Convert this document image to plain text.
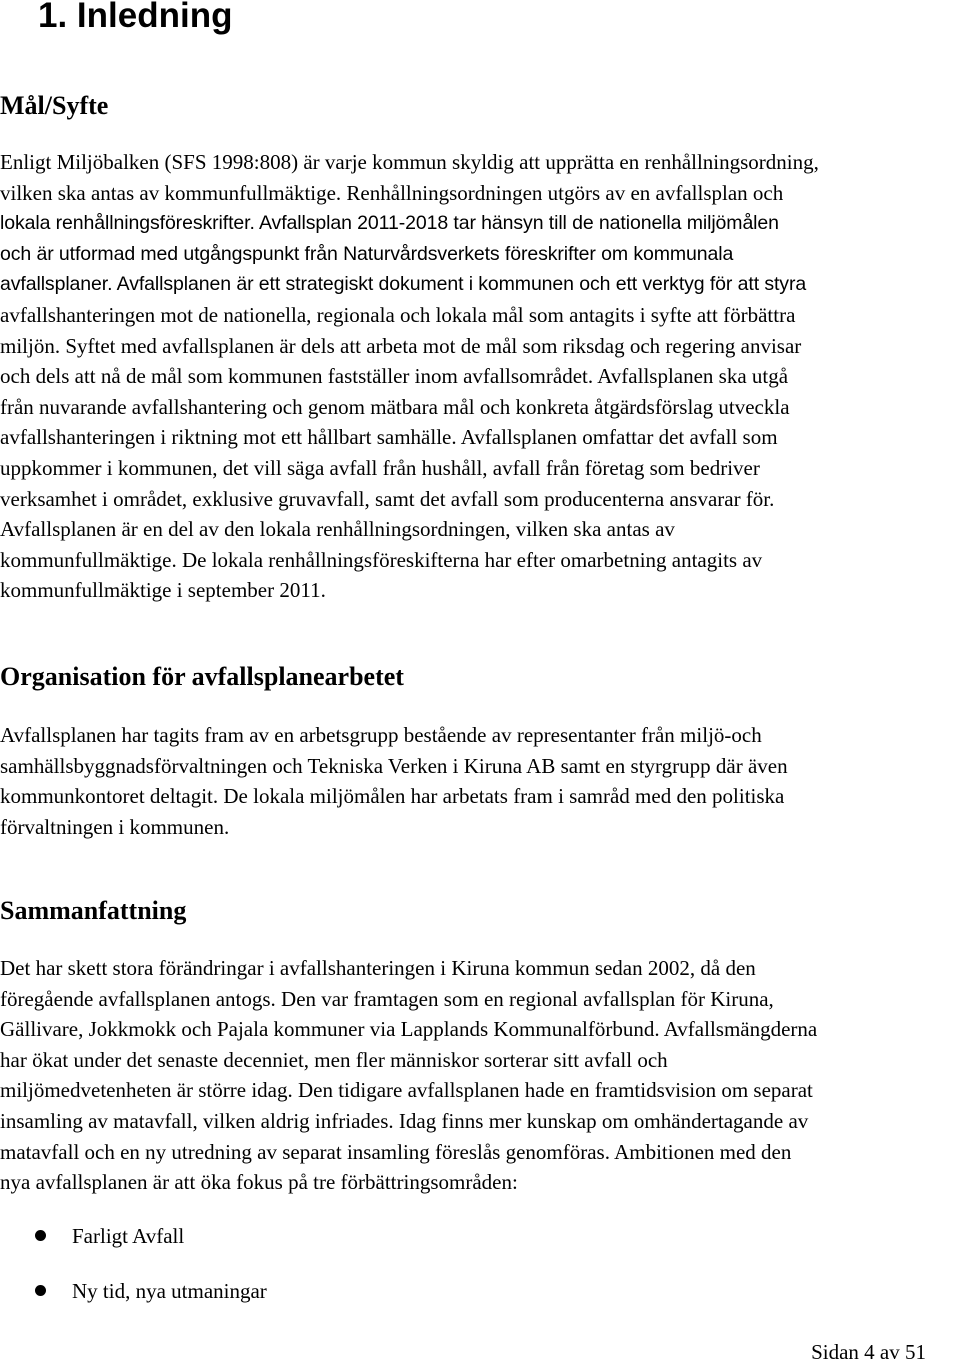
1. Inledning
Mål/Syfte
Enligt Miljöbalken (SFS 1998:808) är varje kommun skyldig att upprätta en renhållningsordning,
vilken ska antas av kommunfullmäktige. Renhållningsordningen utgörs av en avfallsplan och
lokala renhållningsföreskrifter. Avfallsplan 2011-2018 tar hänsyn till de nationella miljömålen
och är utformad med utgångspunkt från Naturvårdsverkets föreskrifter om kommunala
avfallsplaner. Avfallsplanen är ett strategiskt dokument i kommunen och ett verktyg för att styra
avfallshanteringen mot de nationella, regionala och lokala mål som antagits i syfte att förbättra
miljön. Syftet med avfallsplanen är dels att arbeta mot de mål som riksdag och regering anvisar
och dels att nå de mål som kommunen fastställer inom avfallsområdet. Avfallsplanen ska utgå
från nuvarande avfallshantering och genom mätbara mål och konkreta åtgärdsförslag utveckla
avfallshanteringen i riktning mot ett hållbart samhälle. Avfallsplanen omfattar det avfall som
uppkommer i kommunen, det vill säga avfall från hushåll, avfall från företag som bedriver
verksamhet i området, exklusive gruvavfall, samt det avfall som producenterna ansvarar för.
Avfallsplanen är en del av den lokala renhållningsordningen, vilken ska antas av
kommunfullmäktige. De lokala renhållningsföreskifterna har efter omarbetning antagits av
kommunfullmäktige i september 2011.
Organisation för avfallsplanearbetet
Avfallsplanen har tagits fram av en arbetsgrupp bestående av representanter från miljö-och
samhällsbyggnadsförvaltningen och Tekniska Verken i Kiruna AB samt en styrgrupp där även
kommunkontoret deltagit. De lokala miljömålen har arbetats fram i samråd med den politiska
förvaltningen i kommunen.
Sammanfattning
Det har skett stora förändringar i avfallshanteringen i Kiruna kommun sedan 2002, då den
föregående avfallsplanen antogs. Den var framtagen som en regional avfallsplan för Kiruna,
Gällivare, Jokkmokk och Pajala kommuner via Lapplands Kommunalförbund. Avfallsmängderna
har ökat under det senaste decenniet, men fler människor sorterar sitt avfall och
miljömedvetenheten är större idag. Den tidigare avfallsplanen hade en framtidsvision om separat
insamling av matavfall, vilken aldrig infriades. Idag finns mer kunskap om omhändertagande av
matavfall och en ny utredning av separat insamling föreslås genomföras. Ambitionen med den
nya avfallsplanen är att öka fokus på tre förbättringsområden:
Farligt Avfall
Ny tid, nya utmaningar

Sidan 4 av 51
